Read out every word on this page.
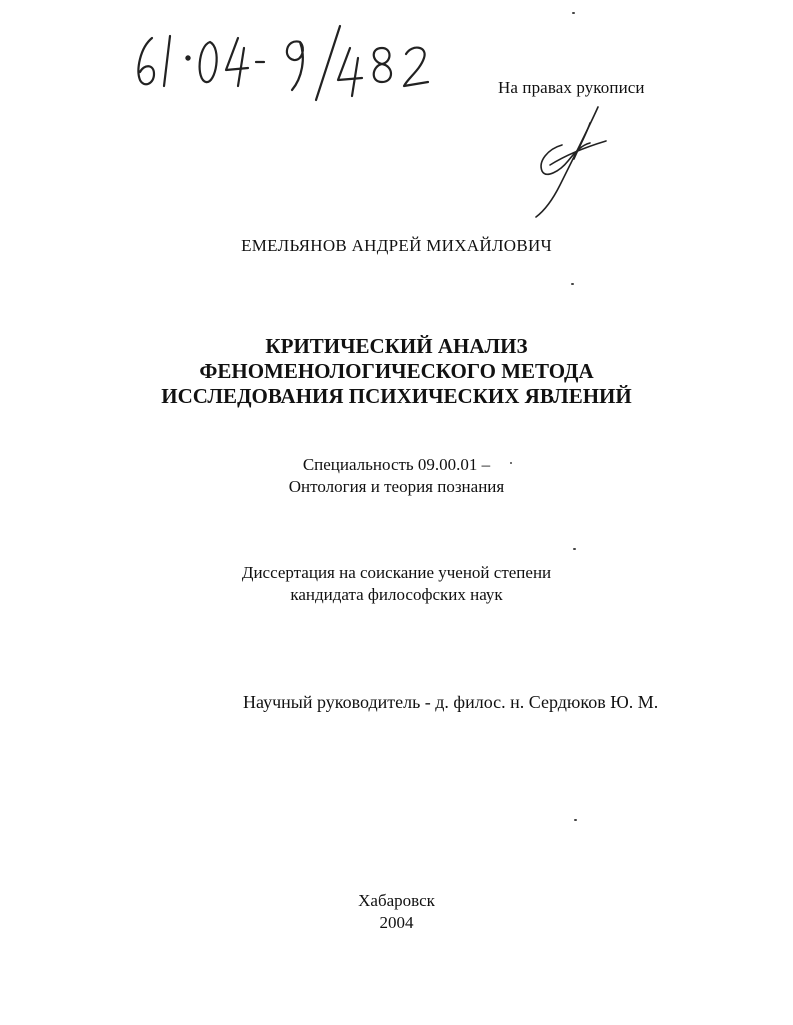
На правах рукописи
ЕМЕЛЬЯНОВ АНДРЕЙ МИХАЙЛОВИЧ
КРИТИЧЕСКИЙ АНАЛИЗ
ФЕНОМЕНОЛОГИЧЕСКОГО МЕТОДА
ИССЛЕДОВАНИЯ ПСИХИЧЕСКИХ ЯВЛЕНИЙ
Специальность 09.00.01 –
Онтология и теория познания
Диссертация на соискание ученой степени
кандидата философских наук
Научный руководитель - д. филос. н. Сердюков Ю. М.
Хабаровск
2004
